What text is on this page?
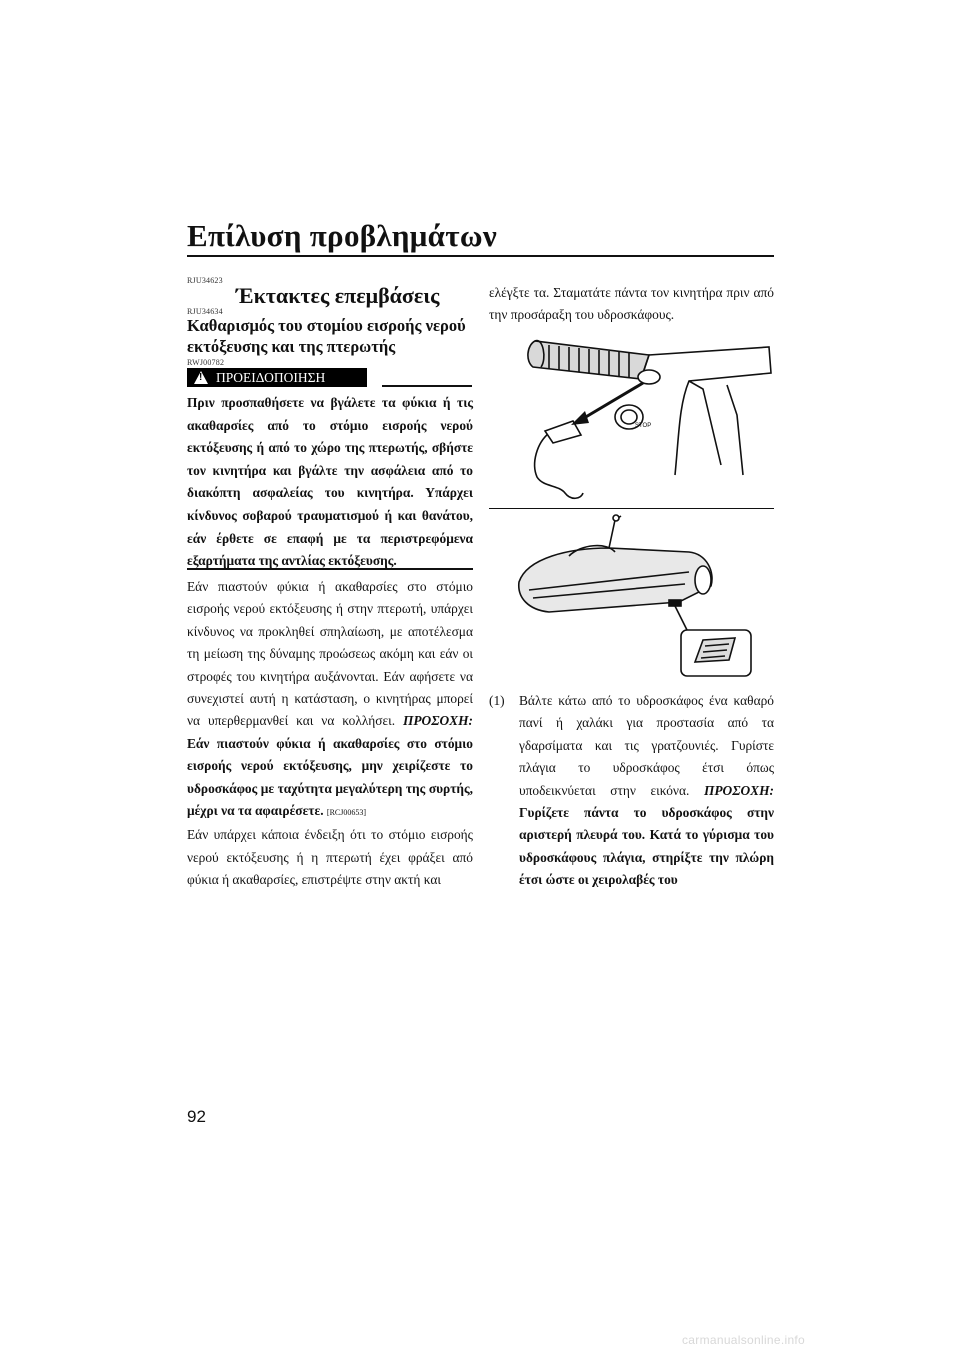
Επίλυση προβλημάτων
RJU34623
Έκτακτες επεμβάσεις
RJU34634
Καθαρισμός του στομίου εισροής νερού εκτόξευσης και της πτερωτής
RWJ00782
!
ΠΡΟΕΙΔΟΠΟΙΗΣΗ
Πριν προσπαθήσετε να βγάλετε τα φύκια ή τις ακαθαρσίες από το στόμιο εισροής νερού εκτόξευσης ή από το χώρο της πτερωτής, σβήστε τον κινητήρα και βγάλτε την ασφάλεια από το διακόπτη ασφαλείας του κινητήρα. Υπάρχει κίνδυνος σοβαρού τραυματισμού ή και θανάτου, εάν έρθετε σε επαφή με τα περιστρεφόμενα εξαρτήματα της αντλίας εκτόξευσης.
Εάν πιαστούν φύκια ή ακαθαρσίες στο στόμιο εισροής νερού εκτόξευσης ή στην πτερωτή, υπάρχει κίνδυνος να προκληθεί σπηλαίωση, με αποτέλεσμα τη μείωση της δύναμης προώσεως ακόμη και εάν οι στροφές του κινητήρα αυξάνονται. Εάν αφήσετε να συνεχιστεί αυτή η κατάσταση, ο κινητήρας μπορεί να υπερθερμανθεί και να κολλήσει. ΠΡΟΣΟΧΗ: Εάν πιαστούν φύκια ή ακαθαρσίες στο στόμιο εισροής νερού εκτόξευσης, μην χειρίζεστε το υδροσκάφος με ταχύτητα μεγαλύτερη της συρτής, μέχρι να τα αφαιρέσετε. [RCJ00653]
Εάν υπάρχει κάποια ένδειξη ότι το στόμιο εισροής νερού εκτόξευσης ή η πτερωτή έχει φράξει από φύκια ή ακαθαρσίες, επιστρέψτε στην ακτή και
ελέγξτε τα. Σταματάτε πάντα τον κινητήρα πριν από την προσάραξη του υδροσκάφους.
STOP
(1) Βάλτε κάτω από το υδροσκάφος ένα καθαρό πανί ή χαλάκι για προστασία από τα γδαρσίματα και τις γρατζουνιές. Γυρίστε πλάγια το υδροσκάφος έτσι όπως υποδεικνύεται στην εικόνα. ΠΡΟΣΟΧΗ: Γυρίζετε πάντα το υδροσκάφος στην αριστερή πλευρά του. Κατά το γύρισμα του υδροσκάφους πλάγια, στηρίξτε την πλώρη έτσι ώστε οι χειρολαβές του
92
carmanualsonline.info
